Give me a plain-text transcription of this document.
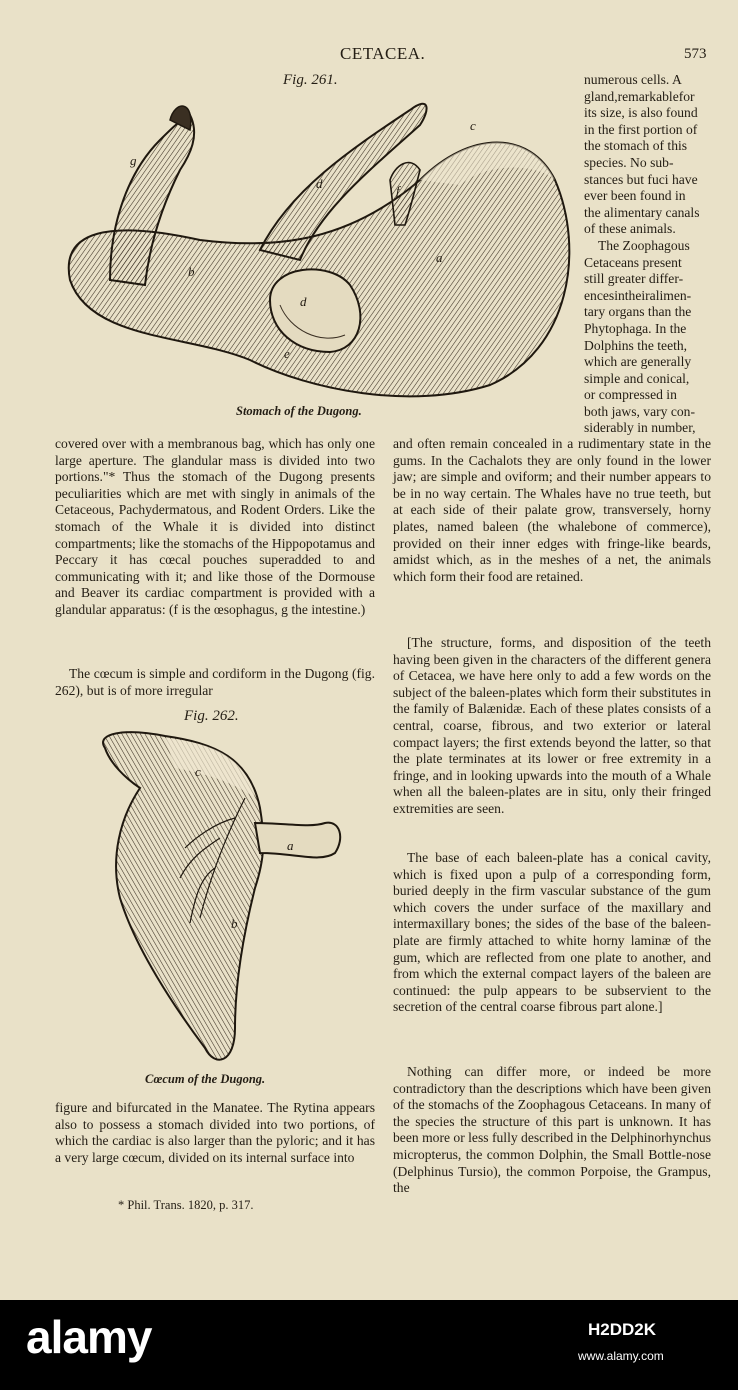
CETACEA.	573
Fig. 261.
c
d	f
a
b
d
e
g
Stomach of the Dugong.
numerous cells. A
gland,remarkablefor
its size, is also found
in the first portion of
the stomach of this
species. No sub-
stances but fuci have
ever been found in
the alimentary canals
of these animals.
The Zoophagous
Cetaceans present
still greater differ-
encesintheiralimen-
tary organs than the
Phytophaga. In the
Dolphins the teeth,
which are generally
simple and conical,
or compressed in
both jaws, vary con-
siderably in number,
covered over with a membranous bag, which has only one large aperture. The glandular mass is divided into two portions."* Thus the stomach of the Dugong presents peculiarities which are met with singly in animals of the Cetaceous, Pachydermatous, and Rodent Orders. Like the stomach of the Whale it is divided into distinct compartments; like the stomachs of the Hippopotamus and Peccary it has cœcal pouches superadded to and communicating with it; and like those of the Dormouse and Beaver its cardiac compartment is provided with a glandular apparatus: (f is the œsophagus, g the intestine.)
The cœcum is simple and cordiform in the Dugong (fig. 262), but is of more irregular
Fig. 262.
c
a
b
Cœcum of the Dugong.
figure and bifurcated in the Manatee. The Rytina appears also to possess a stomach divided into two portions, of which the cardiac is also larger than the pyloric; and it has a very large cœcum, divided on its internal surface into
* Phil. Trans. 1820, p. 317.
and often remain concealed in a rudimentary state in the gums. In the Cachalots they are only found in the lower jaw; are simple and oviform; and their number appears to be in no way certain. The Whales have no true teeth, but at each side of their palate grow, transversely, horny plates, named baleen (the whalebone of commerce), provided on their inner edges with fringe-like beards, amidst which, as in the meshes of a net, the animals which form their food are retained.
[The structure, forms, and disposition of the teeth having been given in the characters of the different genera of Cetacea, we have here only to add a few words on the subject of the baleen-plates which form their substitutes in the family of Balænidæ. Each of these plates consists of a central, coarse, fibrous, and two exterior or lateral compact layers; the first extends beyond the latter, so that the plate terminates at its lower or free extremity in a fringe, and in looking upwards into the mouth of a Whale when all the baleen-plates are in situ, only their fringed extremities are seen.
The base of each baleen-plate has a conical cavity, which is fixed upon a pulp of a corresponding form, buried deeply in the firm vascular substance of the gum which covers the under surface of the maxillary and intermaxillary bones; the sides of the base of the baleen-plate are firmly attached to white horny laminæ of the gum, which are reflected from one plate to another, and from which the external compact layers of the baleen are continued: the pulp appears to be subservient to the secretion of the central coarse fibrous part alone.]
Nothing can differ more, or indeed be more contradictory than the descriptions which have been given of the stomachs of the Zoophagous Cetaceans. In many of the species the structure of this part is unknown. It has been more or less fully described in the Delphinorhynchus micropterus, the common Dolphin, the Small Bottle-nose (Delphinus Tursio), the common Porpoise, the Grampus, the
alamy	H2DD2K
www.alamy.com
